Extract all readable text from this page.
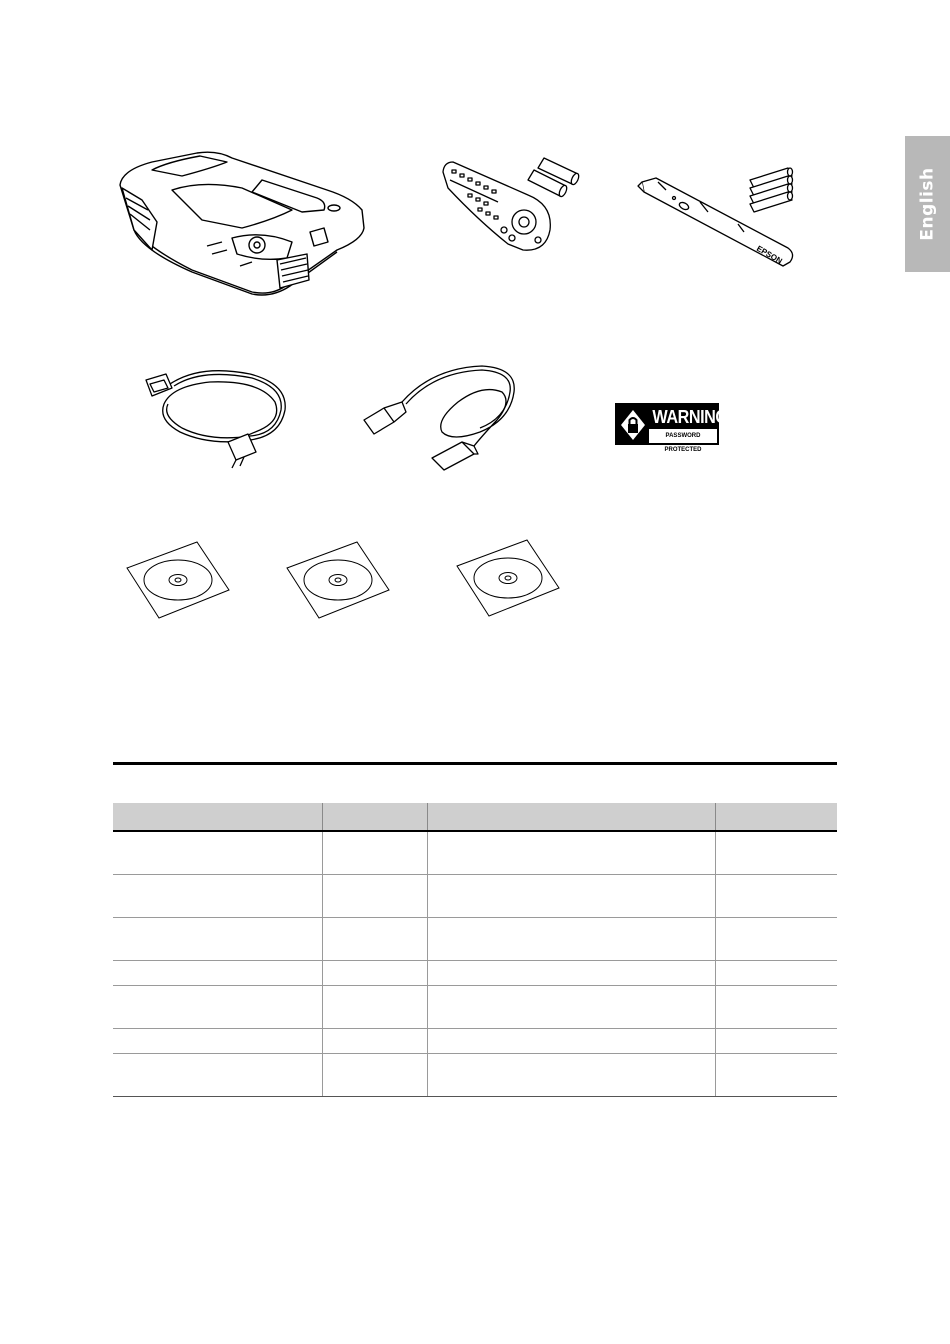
English
EPSON
WARNING
PASSWORD PROTECTED
